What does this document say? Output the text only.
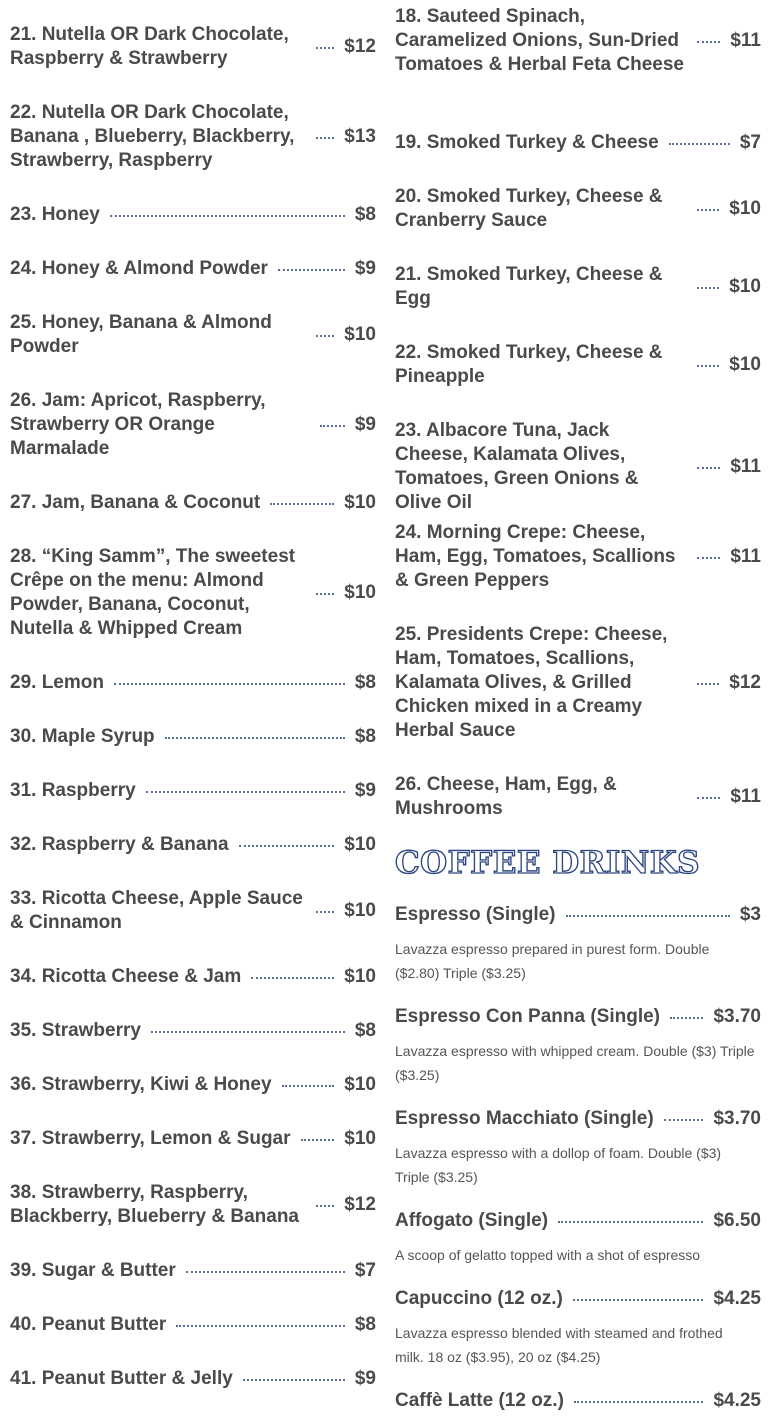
21. Nutella OR Dark Chocolate, Raspberry & Strawberry
$12
22. Nutella OR Dark Chocolate, Banana , Blueberry, Blackberry, Strawberry, Raspberry
$13
23. Honey	$8
24. Honey & Almond Powder	$9
25. Honey, Banana & Almond Powder
$10
26. Jam: Apricot, Raspberry, Strawberry OR Orange Marmalade
$9
27. Jam, Banana & Coconut	$10
28. “King Samm”, The sweetest Crêpe on the menu: Almond Powder, Banana, Coconut, Nutella & Whipped Cream
$10
29. Lemon	$8
30. Maple Syrup	$8
31. Raspberry	$9
32. Raspberry & Banana	$10
33. Ricotta Cheese, Apple Sauce & Cinnamon
$10
34. Ricotta Cheese & Jam	$10
35. Strawberry	$8
36. Strawberry, Kiwi & Honey	$10
37. Strawberry, Lemon & Sugar	$10
38. Strawberry, Raspberry, Blackberry, Blueberry & Banana
$12
39. Sugar & Butter	$7
40. Peanut Butter	$8
41. Peanut Butter & Jelly	$9
18. Sauteed Spinach, Caramelized Onions, Sun-Dried Tomatoes & Herbal Feta Cheese
$11
19. Smoked Turkey & Cheese	$7
20. Smoked Turkey, Cheese & Cranberry Sauce
$10
21. Smoked Turkey, Cheese & Egg
$10
22. Smoked Turkey, Cheese & Pineapple
$10
23. Albacore Tuna, Jack Cheese, Kalamata Olives, Tomatoes, Green Onions & Olive Oil
$11
24. Morning Crepe: Cheese, Ham, Egg, Tomatoes, Scallions & Green Peppers
$11
25. Presidents Crepe: Cheese, Ham, Tomatoes, Scallions, Kalamata Olives, & Grilled Chicken mixed in a Creamy Herbal Sauce
$12
26. Cheese, Ham, Egg, & Mushrooms
$11
COFFEE DRINKS
Espresso (Single)	$3
Lavazza espresso prepared in purest form. Double ($2.80) Triple ($3.25)
Espresso Con Panna (Single)	$3.70
Lavazza espresso with whipped cream. Double ($3) Triple ($3.25)
Espresso Macchiato (Single)	$3.70
Lavazza espresso with a dollop of foam. Double ($3) Triple ($3.25)
Affogato (Single)	$6.50
A scoop of gelatto topped with a shot of espresso
Capuccino (12 oz.)	$4.25
Lavazza espresso blended with steamed and frothed milk. 18 oz ($3.95), 20 oz ($4.25)
Caffè Latte (12 oz.)	$4.25
